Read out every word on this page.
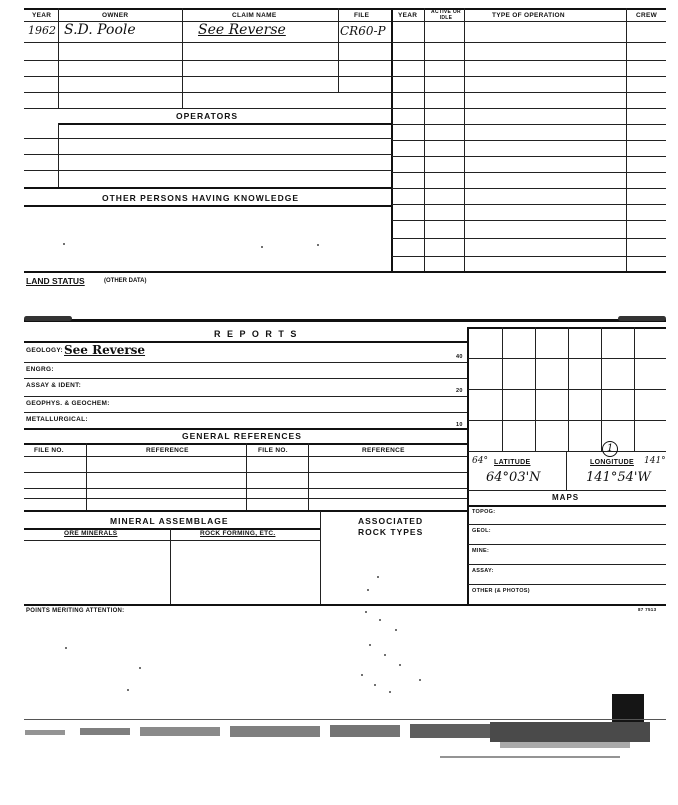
YEAR	OWNER	CLAIM NAME	FILE	YEAR	ACTIVE OR IDLE	TYPE OF OPERATION	CREW
1962 S.D. Poole	See Reverse	CR60-P
OPERATORS
OTHER PERSONS HAVING KNOWLEDGE
LAND STATUS	(OTHER DATA)
R E P O R T S
GEOLOGY: See Reverse	40
ENGRG:
ASSAY & IDENT:
20
GEOPHYS. & GEOCHEM:
METALLURGICAL:
10
GENERAL REFERENCES
FILE NO.	REFERENCE	FILE NO.	REFERENCE
64° LATITUDE
64°03'N
1
LONGITUDE 141°
141°54'W
MAPS
TOPOG:
GEOL:
MINE:
ASSAY:
OTHER (& PHOTOS)
MINERAL ASSEMBLAGE
ORE MINERALS	ROCK FORMING, ETC.
ASSOCIATED
ROCK TYPES
POINTS MERITING ATTENTION:	87 7513
